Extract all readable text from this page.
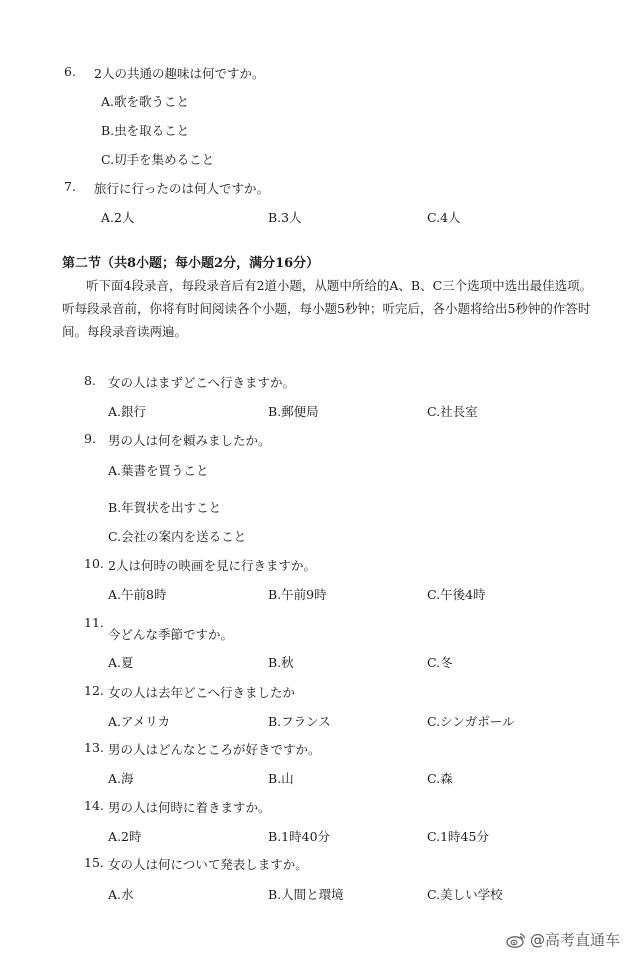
6. 2人の共通の趣味は何ですか。
A.歌を歌うこと
B.虫を取ること
C.切手を集めること
7. 旅行に行ったのは何人ですか。
A.2人	B.3人	C.4人
第二节（共8小题；每小题2分，满分16分）
听下面4段录音，每段录音后有2道小题，从题中所给的A、B、C三个选项中选出最佳选项。听每段录音前，你将有时间阅读各个小题，每小题5秒钟；听完后，各小题将给出5秒钟的作答时间。每段录音读两遍。
8. 女の人はまずどこへ行きますか。
A.銀行	B.郵便局	C.社長室
9. 男の人は何を頼みましたか。
A.葉書を買うこと
B.年賀状を出すこと
C.会社の案内を送ること
10. 2人は何時の映画を見に行きますか。
A.午前8時	B.午前9時	C.午後4時
11.
今どんな季節ですか。
A.夏	B.秋	C.冬
12. 女の人は去年どこへ行きましたか
A.アメリカ	B.フランス	C.シンガポール
13. 男の人はどんなところが好きですか。
A.海	B.山	C.森
14. 男の人は何時に着きますか。
A.2時	B.1時40分	C.1時45分
15. 女の人は何について発表しますか。
A.水	B.人間と環境	C.美しい学校
@高考直通车
